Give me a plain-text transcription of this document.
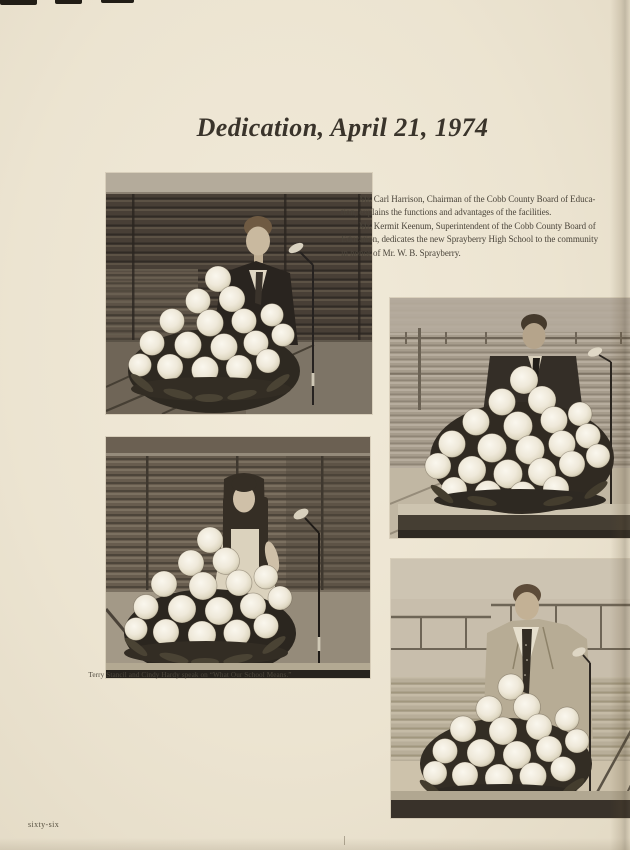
Dedication, April 21, 1974
Terry Stancil and Cindy Hardy speak on “What Our School Means.”
Mr. Carl Harrison, Chairman of the Cobb County Board of Educa-
tion, explains the functions and advantages of the facilities.
Mr. Kermit Keenum, Superintendent of the Cobb County Board of
Education, dedicates the new Sprayberry High School to the community
in honor of Mr. W. B. Sprayberry.
sixty-six
